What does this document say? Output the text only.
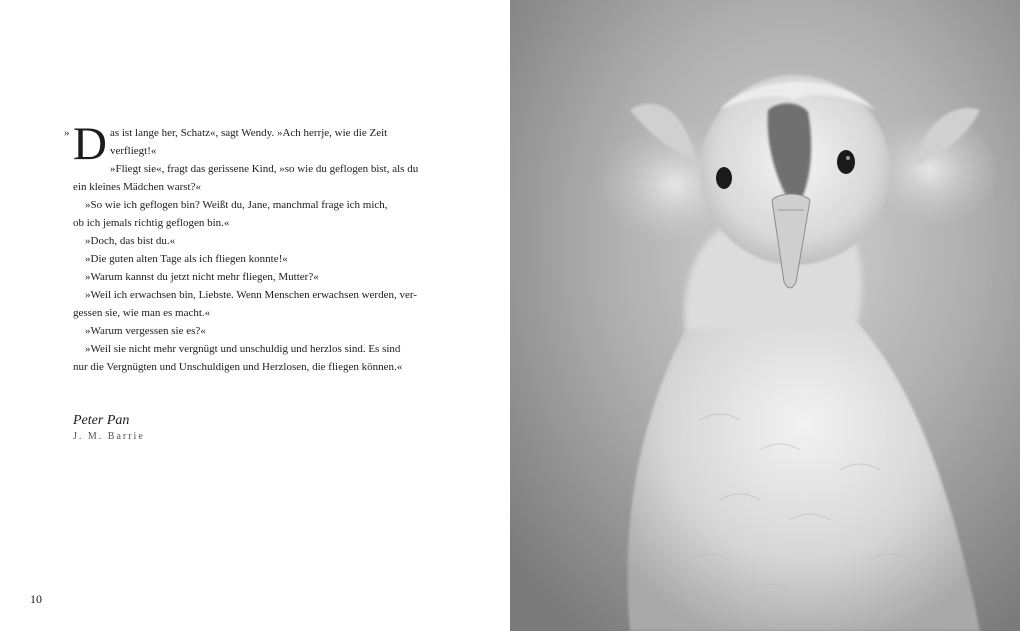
» D as ist lange her, Schatz«, sagt Wendy. »Ach herrje, wie die Zeit
verfliegt!«
»Fliegt sie«, fragt das gerissene Kind, »so wie du geflogen bist, als du
ein kleines Mädchen warst?«
»So wie ich geflogen bin? Weißt du, Jane, manchmal frage ich mich,
ob ich jemals richtig geflogen bin.«
»Doch, das bist du.«
»Die guten alten Tage als ich fliegen konnte!«
»Warum kannst du jetzt nicht mehr fliegen, Mutter?«
»Weil ich erwachsen bin, Liebste. Wenn Menschen erwachsen werden, ver-
gessen sie, wie man es macht.«
»Warum vergessen sie es?«
»Weil sie nicht mehr vergnügt und unschuldig und herzlos sind. Es sind
nur die Vergnügten und Unschuldigen und Herzlosen, die fliegen können.«
Peter Pan
J. M. Barrie
10
